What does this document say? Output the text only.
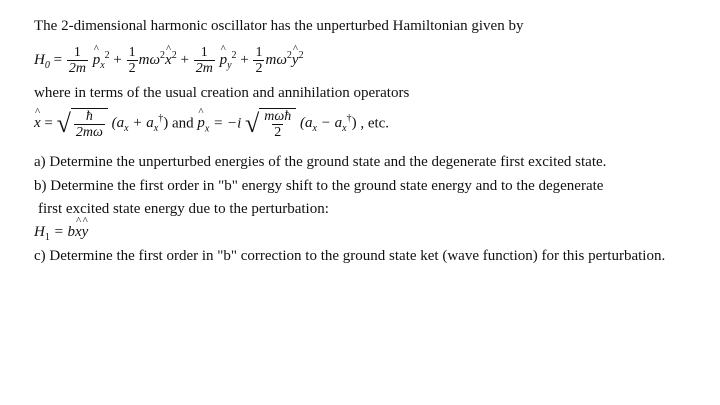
The 2-dimensional harmonic oscillator has the unperturbed Hamiltonian given by
$H_0 = \frac{1}{2m}$ ^ $p_x^2 + \frac{1}{2}$ $m\omega^2\^{}$ $x^2 + \frac{1}{2m}$ ^ $p_y^2 + \frac{1}{2}$ $m\omega^2\^{}$ $y^2$
where in terms of the usual creation and annihilation operators
^ x = √ $\frac{ħ}{2m\omega} (a_x + a_x^\dagger)$ and ^ $p_x = -i$ √ $\frac{\text{mωħ}}{2} (a_x - a_x^\dagger)$ , etc.
a) Determine the unperturbed energies of the ground state and the degenerate first excited state.
b) Determine the first order in "b" energy shift to the ground state energy and to the degenerate
first excited state energy due to the perturbation:
$H_1$ = b^ x^ y
c) Determine the first order in "b" correction to the ground state ket (wave function) for this perturbation.
